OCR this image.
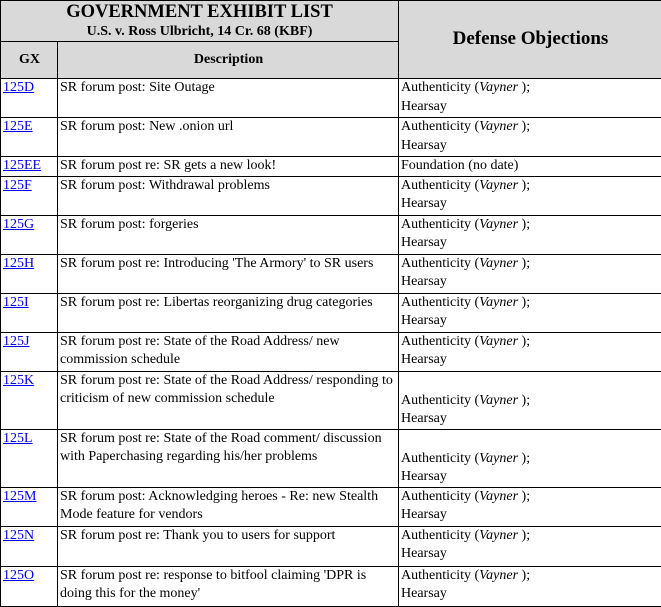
GOVERNMENT EXHIBIT LIST
U.S. v. Ross Ulbricht, 14 Cr. 68 (KBF)		Defense Objections
GX	Description	
125D	SR forum post: Site Outage	Authenticity (Vayner );
Hearsay
125E	SR forum post: New .onion url	Authenticity (Vayner );
Hearsay
125EE	SR forum post re: SR gets a new look!	Foundation (no date)
125F	SR forum post: Withdrawal problems	Authenticity (Vayner );
Hearsay
125G	SR forum post: forgeries	Authenticity (Vayner );
Hearsay
125H	SR forum post re: Introducing 'The Armory' to SR users	Authenticity (Vayner );
Hearsay
125I	SR forum post re: Libertas reorganizing drug categories	Authenticity (Vayner );
Hearsay
125J	SR forum post re: State of the Road Address/ new commission schedule	Authenticity (Vayner );
Hearsay
125K	SR forum post re: State of the Road Address/ responding to criticism of new commission schedule	Authenticity (Vayner );
Hearsay
125L	SR forum post re: State of the Road comment/ discussion with Paperchasing regarding his/her problems	Authenticity (Vayner );
Hearsay
125M	SR forum post: Acknowledging heroes - Re: new Stealth Mode feature for vendors	Authenticity (Vayner );
Hearsay
125N	SR forum post re: Thank you to users for support	Authenticity (Vayner );
Hearsay
125O	SR forum post re: response to bitfool claiming 'DPR is doing this for the money'	Authenticity (Vayner );
Hearsay
